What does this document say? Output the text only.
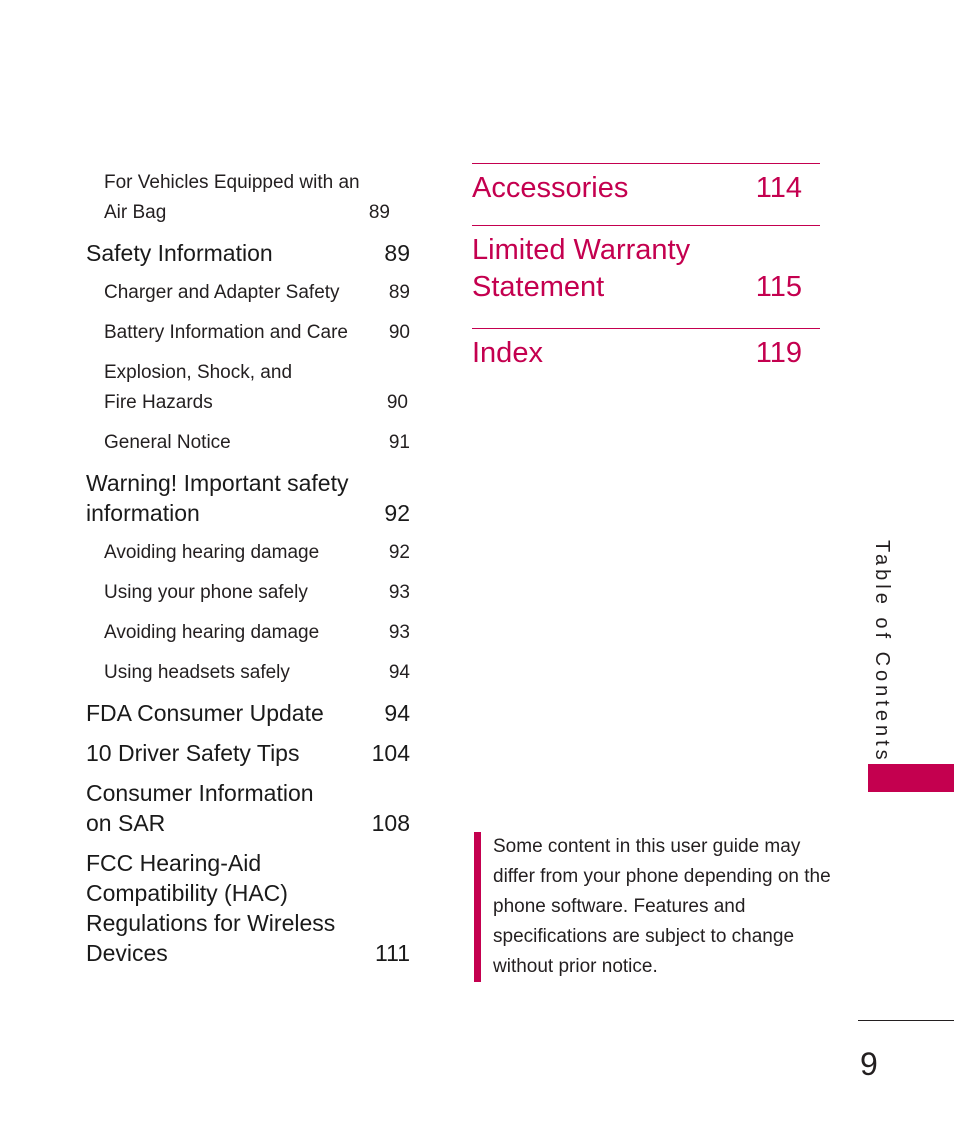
For Vehicles Equipped with an Air Bag	89
Safety Information	89
Charger and Adapter Safety	89
Battery Information and Care	90
Explosion, Shock, and Fire Hazards	90
General Notice	91
Warning! Important safety information	92
Avoiding hearing damage	92
Using your phone safely	93
Avoiding hearing damage	93
Using headsets safely	94
FDA Consumer Update	94
10 Driver Safety Tips	104
Consumer Information on SAR	108
FCC Hearing-Aid Compatibility (HAC) Regulations for Wireless Devices	111
Accessories	114
Limited Warranty Statement	115
Index	119
Some content in this user guide may differ from your phone depending on the phone software. Features and specifications are subject to change without prior notice.
Table of Contents
9
